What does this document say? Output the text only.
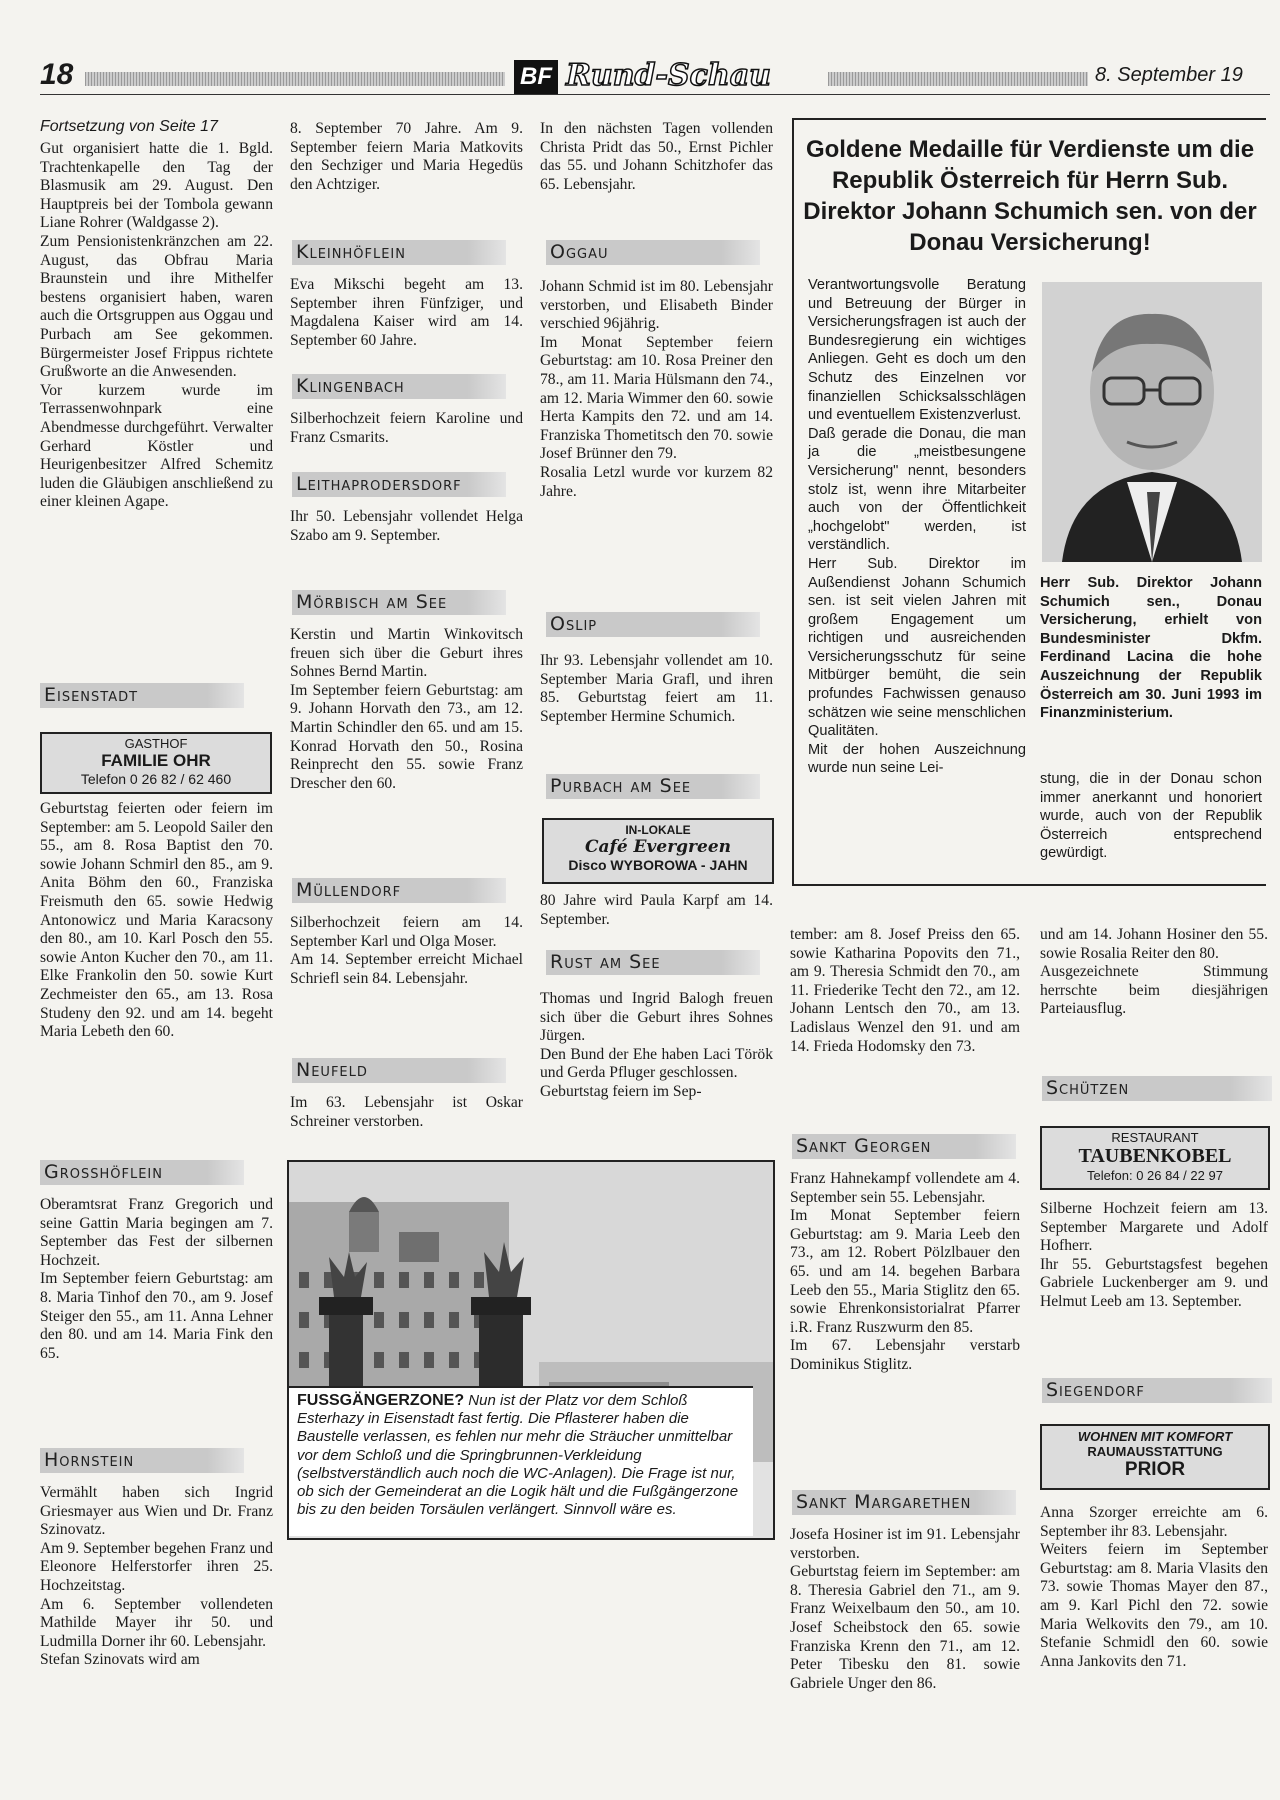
18	BF Rund-Schau	8. September 19
Fortsetzung von Seite 17

Gut organisiert hatte die 1. Bgld. Trachtenkapelle den Tag der Blasmusik am 29. August. Den Hauptpreis bei der Tombola gewann Liane Rohrer (Waldgasse 2).
Zum Pensionistenkränzchen am 22. August, das Obfrau Maria Braunstein und ihre Mithelfer bestens organisiert haben, waren auch die Ortsgruppen aus Oggau und Purbach am See gekommen. Bürgermeister Josef Frippus richtete Grußworte an die Anwesenden.
Vor kurzem wurde im Terrassenwohnpark eine Abendmesse durchgeführt. Verwalter Gerhard Köstler und Heurigenbesitzer Alfred Schemitz luden die Gläubigen anschließend zu einer kleinen Agape.

Eisenstadt
GASTHOF
FAMILIE OHR
Telefon 0 26 82 / 62 460

Geburtstag feierten oder feiern im September: am 5. Leopold Sailer den 55., am 8. Rosa Baptist den 70. sowie Johann Schmirl den 85., am 9. Anita Böhm den 60., Franziska Freismuth den 65. sowie Hedwig Antonowicz und Maria Karacsony den 80., am 10. Karl Posch den 55. sowie Anton Kucher den 70., am 11. Elke Frankolin den 50. sowie Kurt Zechmeister den 65., am 13. Rosa Studeny den 92. und am 14. begeht Maria Lebeth den 60.

Grosshöflein

Oberamtsrat Franz Gregorich und seine Gattin Maria begingen am 7. September das Fest der silbernen Hochzeit.
Im September feiern Geburtstag: am 8. Maria Tinhof den 70., am 9. Josef Steiger den 55., am 11. Anna Lehner den 80. und am 14. Maria Fink den 65.

Hornstein

Vermählt haben sich Ingrid Griesmayer aus Wien und Dr. Franz Szinovatz.
Am 9. September begehen Franz und Eleonore Helferstorfer ihren 25. Hochzeitstag.
Am 6. September vollendeten Mathilde Mayer ihr 50. und Ludmilla Dorner ihr 60. Lebensjahr.
Stefan Szinovats wird am

8. September 70 Jahre. Am 9. September feiern Maria Matkovits den Sechziger und Maria Hegedüs den Achtziger.

Kleinhöflein

Eva Mikschi begeht am 13. September ihren Fünfziger, und Magdalena Kaiser wird am 14. September 60 Jahre.

Klingenbach

Silberhochzeit feiern Karoline und Franz Csmarits.

Leithaprodersdorf

Ihr 50. Lebensjahr vollendet Helga Szabo am 9. September.

Mörbisch am See

Kerstin und Martin Winkovitsch freuen sich über die Geburt ihres Sohnes Bernd Martin.
Im September feiern Geburtstag: am 9. Johann Horvath den 73., am 12. Martin Schindler den 65. und am 15. Konrad Horvath den 50., Rosina Reinprecht den 55. sowie Franz Drescher den 60.

Müllendorf

Silberhochzeit feiern am 14. September Karl und Olga Moser.
Am 14. September erreicht Michael Schriefl sein 84. Lebensjahr.

Neufeld

Im 63. Lebensjahr ist Oskar Schreiner verstorben.

In den nächsten Tagen vollenden Christa Pridt das 50., Ernst Pichler das 55. und Johann Schitzhofer das 65. Lebensjahr.

Oggau

Johann Schmid ist im 80. Lebensjahr verstorben, und Elisabeth Binder verschied 96jährig.
Im Monat September feiern Geburtstag: am 10. Rosa Preiner den 78., am 11. Maria Hülsmann den 74., am 12. Maria Wimmer den 60. sowie Herta Kampits den 72. und am 14. Franziska Thometitsch den 70. sowie Josef Brünner den 79.
Rosalia Letzl wurde vor kurzem 82 Jahre.

Oslip

Ihr 93. Lebensjahr vollendet am 10. September Maria Grafl, und ihren 85. Geburtstag feiert am 11. September Hermine Schumich.

Purbach am See
IN-LOKALE
Café Evergreen
Disco WYBOROWA - JAHN

80 Jahre wird Paula Karpf am 14. September.

Rust am See

Thomas und Ingrid Balogh freuen sich über die Geburt ihres Sohnes Jürgen.
Den Bund der Ehe haben Laci Török und Gerda Pfluger geschlossen.
Geburtstag feiern im Sep-

FUSSGÄNGERZONE? Nun ist der Platz vor dem Schloß Esterhazy in Eisenstadt fast fertig. Die Pflasterer haben die Baustelle verlassen, es fehlen nur mehr die Sträucher unmittelbar vor dem Schloß und die Springbrunnen-Verkleidung (selbstverständlich auch noch die WC-Anlagen). Die Frage ist nur, ob sich der Gemeinderat an die Logik hält und die Fußgängerzone bis zu den beiden Torsäulen verlängert. Sinnvoll wäre es.
Goldene Medaille für Verdienste um die Republik Österreich für Herrn Sub. Direktor Johann Schumich sen. von der Donau Versicherung!

Verantwortungsvolle Beratung und Betreuung der Bürger in Versicherungsfragen ist auch der Bundesregierung ein wichtiges Anliegen. Geht es doch um den Schutz des Einzelnen vor finanziellen Schicksalsschlägen und eventuellem Existenzverlust.
Daß gerade die Donau, die man ja die „meistbesungene Versicherung" nennt, besonders stolz ist, wenn ihre Mitarbeiter auch von der Öffentlichkeit „hochgelobt" werden, ist verständlich.
Herr Sub. Direktor im Außendienst Johann Schumich sen. ist seit vielen Jahren mit großem Engagement um richtigen und ausreichenden Versicherungsschutz für seine Mitbürger bemüht, die sein profundes Fachwissen genauso schätzen wie seine menschlichen Qualitäten.
Mit der hohen Auszeichnung wurde nun seine Lei-

Herr Sub. Direktor Johann Schumich sen., Donau Versicherung, erhielt von Bundesminister Dkfm. Ferdinand Lacina die hohe Auszeichnung der Republik Österreich am 30. Juni 1993 im Finanzministerium.

stung, die in der Donau schon immer anerkannt und honoriert wurde, auch von der Republik Österreich entsprechend gewürdigt.

tember: am 8. Josef Preiss den 65. sowie Katharina Popovits den 71., am 9. Theresia Schmidt den 70., am 11. Friederike Techt den 72., am 12. Johann Lentsch den 70., am 13. Ladislaus Wenzel den 91. und am 14. Frieda Hodomsky den 73.

Sankt Georgen

Franz Hahnekampf vollendete am 4. September sein 55. Lebensjahr.
Im Monat September feiern Geburtstag: am 9. Maria Leeb den 73., am 12. Robert Pölzlbauer den 65. und am 14. begehen Barbara Leeb den 55., Maria Stiglitz den 65. sowie Ehrenkonsistorialrat Pfarrer i.R. Franz Ruszwurm den 85.
Im 67. Lebensjahr verstarb Dominikus Stiglitz.

Sankt Margarethen

Josefa Hosiner ist im 91. Lebensjahr verstorben.
Geburtstag feiern im September: am 8. Theresia Gabriel den 71., am 9. Franz Weixelbaum den 50., am 10. Josef Scheibstock den 65. sowie Franziska Krenn den 71., am 12. Peter Tibesku den 81. sowie Gabriele Unger den 86.

und am 14. Johann Hosiner den 55. sowie Rosalia Reiter den 80.
Ausgezeichnete Stimmung herrschte beim diesjährigen Parteiausflug.

Schützen
RESTAURANT
TAUBENKOBEL
Telefon: 0 26 84 / 22 97

Silberne Hochzeit feiern am 13. September Margarete und Adolf Hofherr.
Ihr 55. Geburtstagsfest begehen Gabriele Luckenberger am 9. und Helmut Leeb am 13. September.

Siegendorf
WOHNEN MIT KOMFORT
RAUMAUSSTATTUNG
PRIOR

Anna Szorger erreichte am 6. September ihr 83. Lebensjahr.
Weiters feiern im September Geburtstag: am 8. Maria Vlasits den 73. sowie Thomas Mayer den 87., am 9. Karl Pichl den 72. sowie Maria Welkovits den 79., am 10. Stefanie Schmidl den 60. sowie Anna Jankovits den 71.
